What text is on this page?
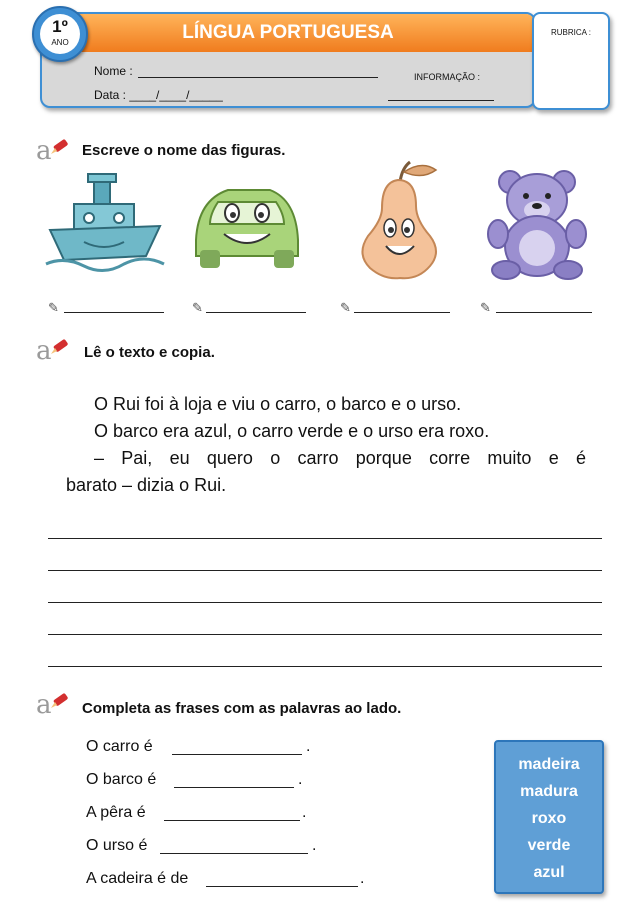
LÍNGUA PORTUGUESA
Nome :
Data : ____/____/_____
INFORMAÇÃO :
1º
ANO
RUBRICA :
a Escreve o nome das figuras.
✎	✎	✎	✎
a Lê o texto e copia.
O Rui foi à loja e viu o carro, o barco e o urso.
O barco era azul, o carro verde e o urso era roxo.
– Pai, eu quero o carro porque corre muito e é
barato – dizia o Rui.
a Completa as frases com as palavras ao lado.
O carro é	.
O barco é	.
A pêra é	.
O urso é	.
A cadeira é de	.
madeira
madura
roxo
verde
azul
